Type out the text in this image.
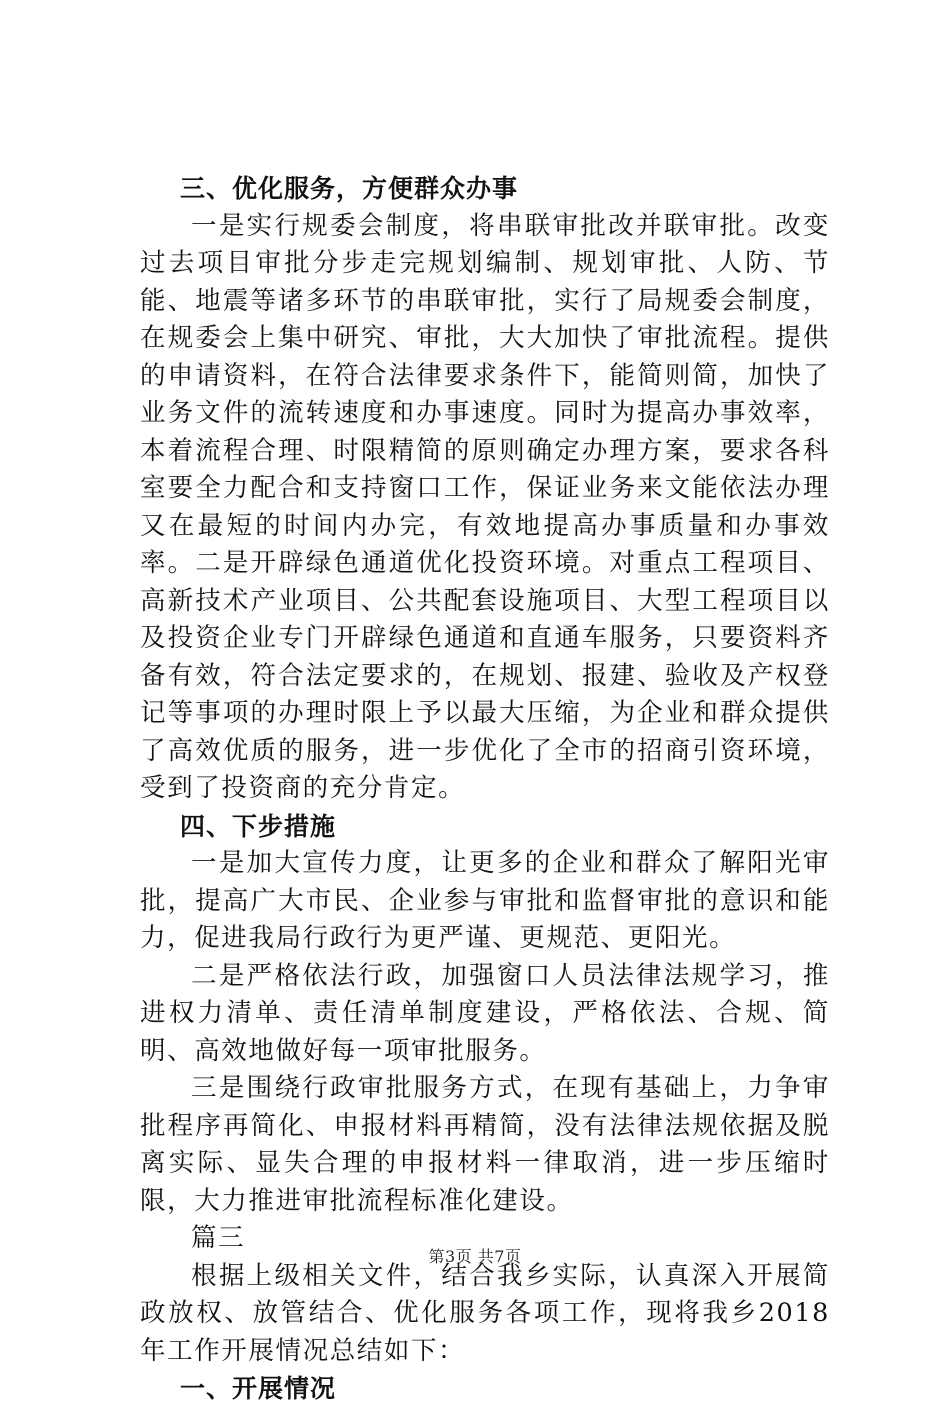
三、优化服务，方便群众办事

一是实行规委会制度，将串联审批改并联审批。改变过去项目审批分步走完规划编制、规划审批、人防、节能、地震等诸多环节的串联审批，实行了局规委会制度，在规委会上集中研究、审批，大大加快了审批流程。提供的申请资料，在符合法律要求条件下，能简则简，加快了业务文件的流转速度和办事速度。同时为提高办事效率，本着流程合理、时限精简的原则确定办理方案，要求各科室要全力配合和支持窗口工作，保证业务来文能依法办理又在最短的时间内办完，有效地提高办事质量和办事效率。二是开辟绿色通道优化投资环境。对重点工程项目、高新技术产业项目、公共配套设施项目、大型工程项目以及投资企业专门开辟绿色通道和直通车服务，只要资料齐备有效，符合法定要求的，在规划、报建、验收及产权登记等事项的办理时限上予以最大压缩，为企业和群众提供了高效优质的服务，进一步优化了全市的招商引资环境，受到了投资商的充分肯定。

四、下步措施

一是加大宣传力度，让更多的企业和群众了解阳光审批，提高广大市民、企业参与审批和监督审批的意识和能力，促进我局行政行为更严谨、更规范、更阳光。

二是严格依法行政，加强窗口人员法律法规学习，推进权力清单、责任清单制度建设，严格依法、合规、简明、高效地做好每一项审批服务。

三是围绕行政审批服务方式，在现有基础上，力争审批程序再简化、申报材料再精简，没有法律法规依据及脱离实际、显失合理的申报材料一律取消，进一步压缩时限，大力推进审批流程标准化建设。

篇三

根据上级相关文件，结合我乡实际，认真深入开展简政放权、放管结合、优化服务各项工作，现将我乡2018年工作开展情况总结如下：

一、开展情况
第3页 共7页
